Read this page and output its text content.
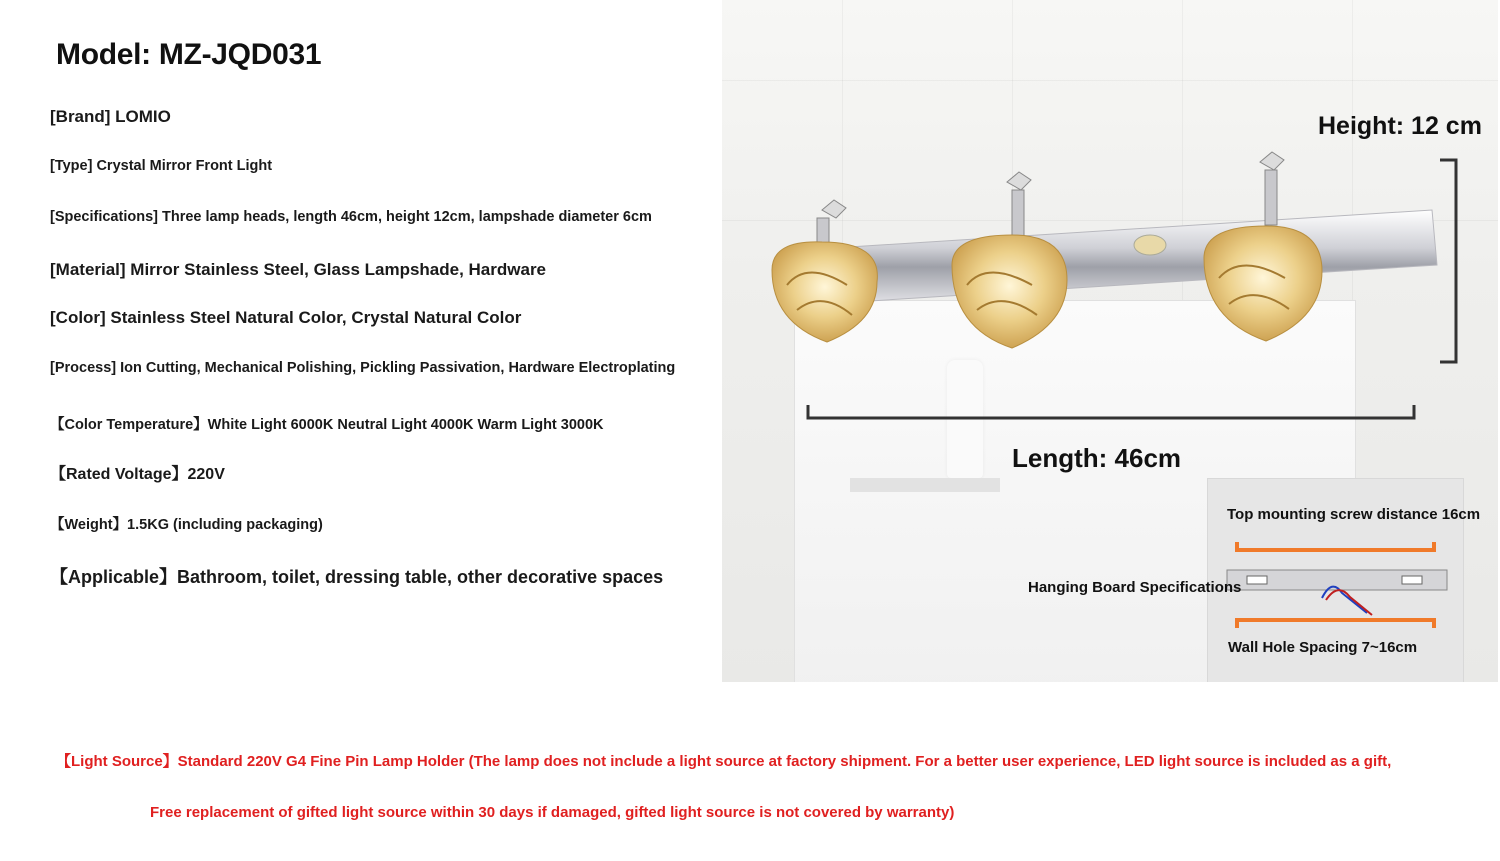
Model: MZ-JQD031
[Brand] LOMIO
[Type] Crystal Mirror Front Light
[Specifications] Three lamp heads, length 46cm, height 12cm, lampshade diameter 6cm
[Material] Mirror Stainless Steel, Glass Lampshade, Hardware
[Color] Stainless Steel Natural Color, Crystal Natural Color
[Process] Ion Cutting, Mechanical Polishing, Pickling Passivation, Hardware Electroplating
【Color Temperature】White Light 6000K Neutral Light 4000K Warm Light 3000K
【Rated Voltage】220V
【Weight】1.5KG (including packaging)
【Applicable】Bathroom, toilet, dressing table, other decorative spaces
Height: 12 cm
Length: 46cm
Top mounting screw distance 16cm
Hanging Board Specifications
Wall Hole Spacing 7~16cm
【Light Source】Standard 220V G4 Fine Pin Lamp Holder (The lamp does not include a light source at factory shipment. For a better user experience, LED light source is included as a gift,
Free replacement of gifted light source within 30 days if damaged, gifted light source is not covered by warranty)
